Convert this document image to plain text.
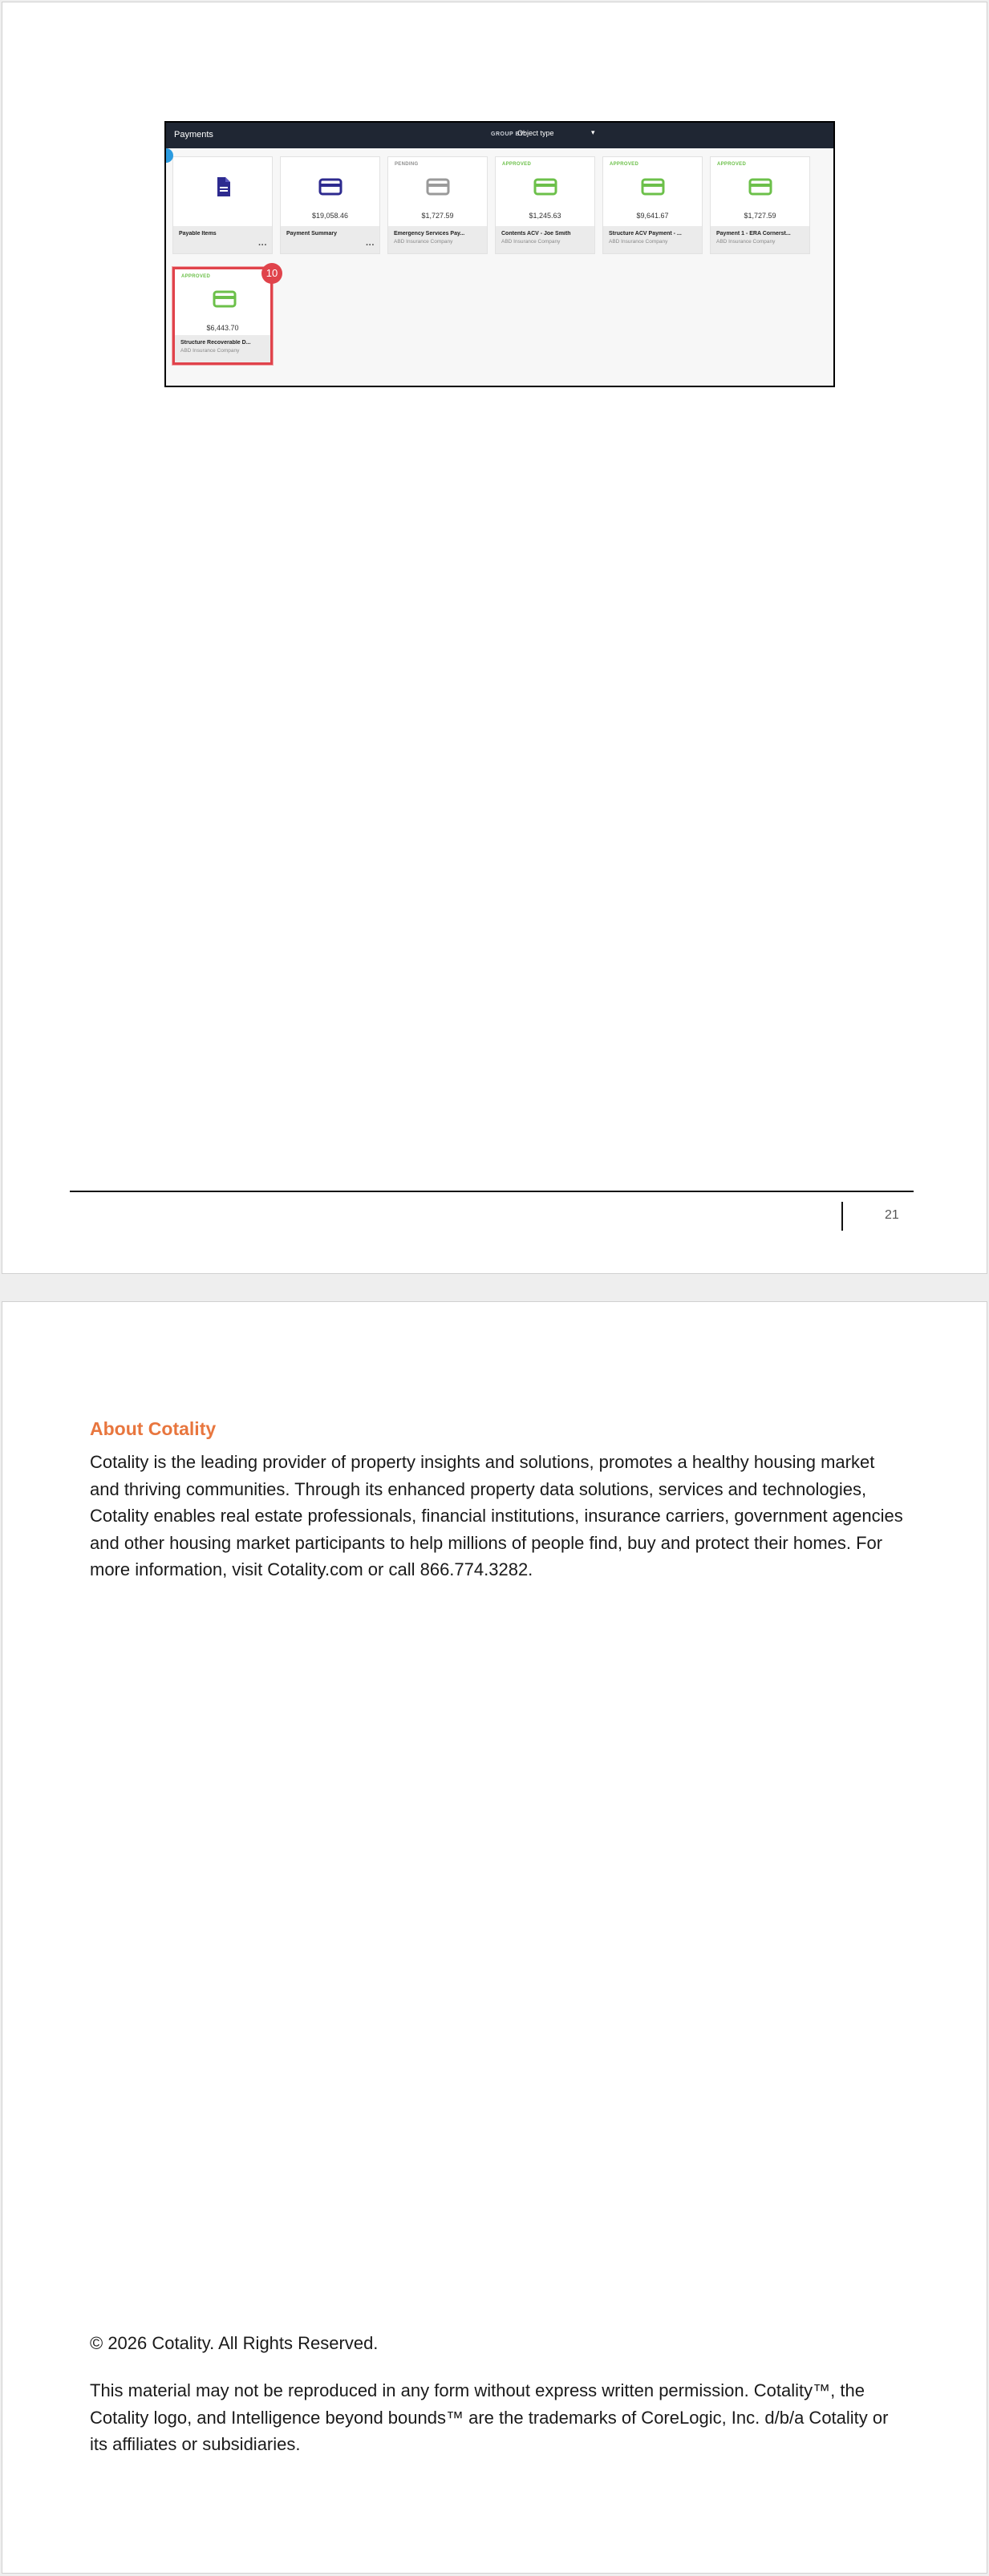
Payments	GROUP BY:
Object type	▾
Payable Items
···
$19,058.46
Payment Summary
···
PENDING
$1,727.59
Emergency Services Pay...
ABD Insurance Company
APPROVED
$1,245.63
Contents ACV - Joe Smith
ABD Insurance Company
APPROVED
$9,641.67
Structure ACV Payment - ...
ABD Insurance Company
APPROVED
$1,727.59
Payment 1 - ERA Cornerst...
ABD Insurance Company
APPROVED
$6,443.70
Structure Recoverable D...
ABD Insurance Company
10
21
About Cotality

Cotality is the leading provider of property insights and solutions, promotes a healthy housing market and thriving communities. Through its enhanced property data solutions, services and technologies, Cotality enables real estate professionals, financial institutions, insurance carriers, government agencies and other housing market participants to help millions of people find, buy and protect their homes. For more information, visit Cotality.com or call 866.774.3282.

© 2026 Cotality. All Rights Reserved.

This material may not be reproduced in any form without express written permission. Cotality™, the Cotality logo, and Intelligence beyond bounds™ are the trademarks of CoreLogic, Inc. d/b/a Cotality or its affiliates or subsidiaries.
